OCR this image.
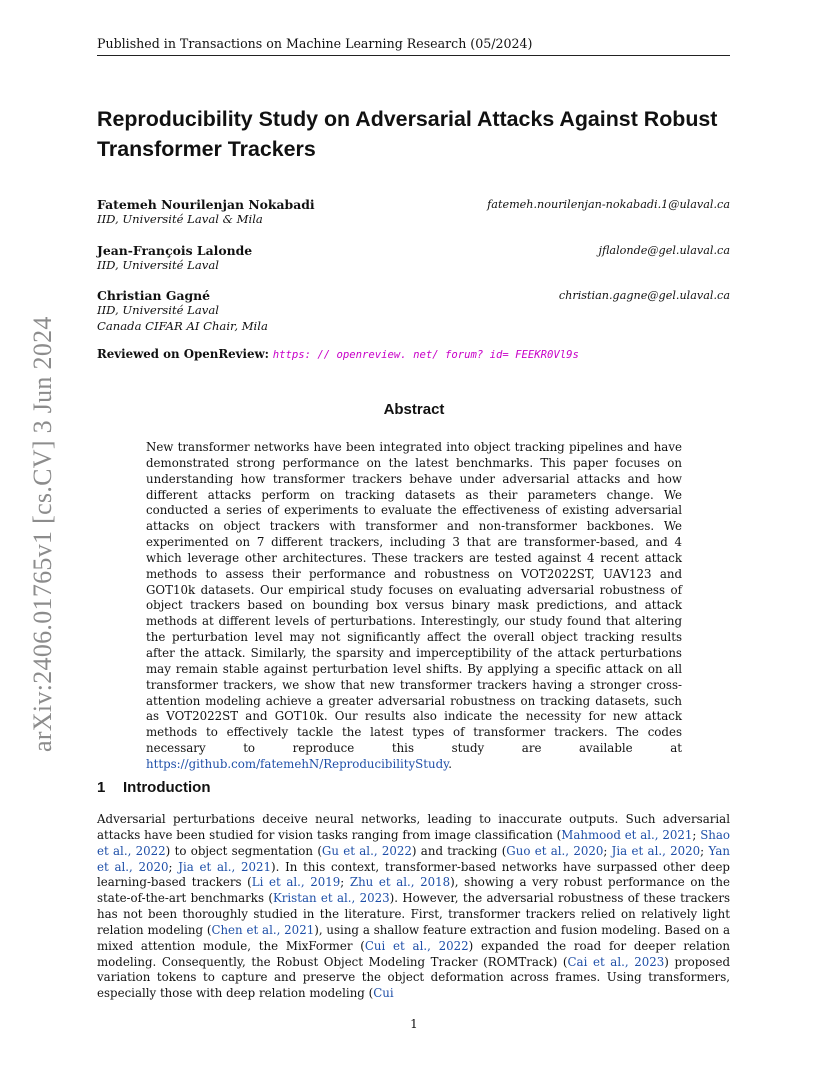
Published in Transactions on Machine Learning Research (05/2024)
arXiv:2406.01765v1 [cs.CV] 3 Jun 2024
Reproducibility Study on Adversarial Attacks Against Robust Transformer Trackers
Fatemeh Nourilenjan Nokabadi	fatemeh.nourilenjan-nokabadi.1@ulaval.ca
IID, Université Laval & Mila
Jean-François Lalonde	jflalonde@gel.ulaval.ca
IID, Université Laval
Christian Gagné	christian.gagne@gel.ulaval.ca
IID, Université Laval
Canada CIFAR AI Chair, Mila
Reviewed on OpenReview: https: // openreview. net/ forum? id= FEEKR0Vl9s
Abstract
New transformer networks have been integrated into object tracking pipelines and have demonstrated strong performance on the latest benchmarks. This paper focuses on understanding how transformer trackers behave under adversarial attacks and how different attacks perform on tracking datasets as their parameters change. We conducted a series of experiments to evaluate the effectiveness of existing adversarial attacks on object trackers with transformer and non-transformer backbones. We experimented on 7 different trackers, including 3 that are transformer-based, and 4 which leverage other architectures. These trackers are tested against 4 recent attack methods to assess their performance and robustness on VOT2022ST, UAV123 and GOT10k datasets. Our empirical study focuses on evaluating adversarial robustness of object trackers based on bounding box versus binary mask predictions, and attack methods at different levels of perturbations. Interestingly, our study found that altering the perturbation level may not significantly affect the overall object tracking results after the attack. Similarly, the sparsity and imperceptibility of the attack perturbations may remain stable against perturbation level shifts. By applying a specific attack on all transformer trackers, we show that new transformer trackers having a stronger cross-attention modeling achieve a greater adversarial robustness on tracking datasets, such as VOT2022ST and GOT10k. Our results also indicate the necessity for new attack methods to effectively tackle the latest types of transformer trackers. The codes necessary to reproduce this study are available at https://github.com/fatemehN/ReproducibilityStudy.
1 Introduction
Adversarial perturbations deceive neural networks, leading to inaccurate outputs. Such adversarial attacks have been studied for vision tasks ranging from image classification (Mahmood et al., 2021; Shao et al., 2022) to object segmentation (Gu et al., 2022) and tracking (Guo et al., 2020; Jia et al., 2020; Yan et al., 2020; Jia et al., 2021). In this context, transformer-based networks have surpassed other deep learning-based trackers (Li et al., 2019; Zhu et al., 2018), showing a very robust performance on the state-of-the-art benchmarks (Kristan et al., 2023). However, the adversarial robustness of these trackers has not been thoroughly studied in the literature. First, transformer trackers relied on relatively light relation modeling (Chen et al., 2021), using a shallow feature extraction and fusion modeling. Based on a mixed attention module, the MixFormer (Cui et al., 2022) expanded the road for deeper relation modeling. Consequently, the Robust Object Modeling Tracker (ROMTrack) (Cai et al., 2023) proposed variation tokens to capture and preserve the object deformation across frames. Using transformers, especially those with deep relation modeling (Cui
1
